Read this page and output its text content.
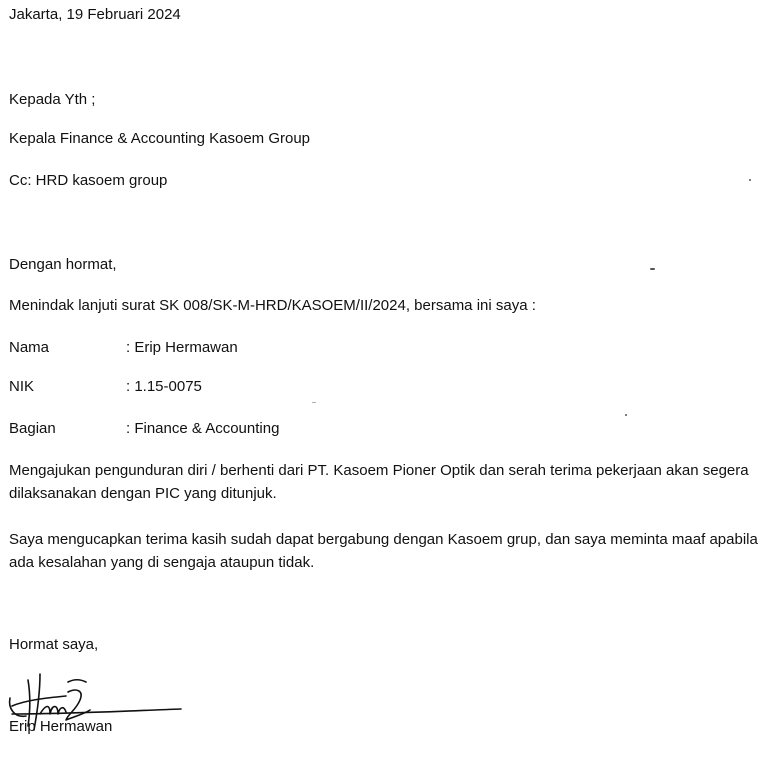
Jakarta, 19 Februari 2024
Kepada Yth ;
Kepala Finance & Accounting Kasoem Group
Cc: HRD kasoem group
Dengan hormat,
Menindak lanjuti surat SK 008/SK-M-HRD/KASOEM/II/2024, bersama ini saya :
Nama	: Erip Hermawan
NIK	: 1.15-0075
Bagian	: Finance & Accounting
Mengajukan pengunduran diri / berhenti dari PT. Kasoem Pioner Optik dan serah terima pekerjaan akan segera dilaksanakan dengan PIC yang ditunjuk.
Saya mengucapkan terima kasih sudah dapat bergabung dengan Kasoem grup, dan saya meminta maaf apabila ada kesalahan yang di sengaja ataupun tidak.
Hormat saya,
Erip Hermawan
